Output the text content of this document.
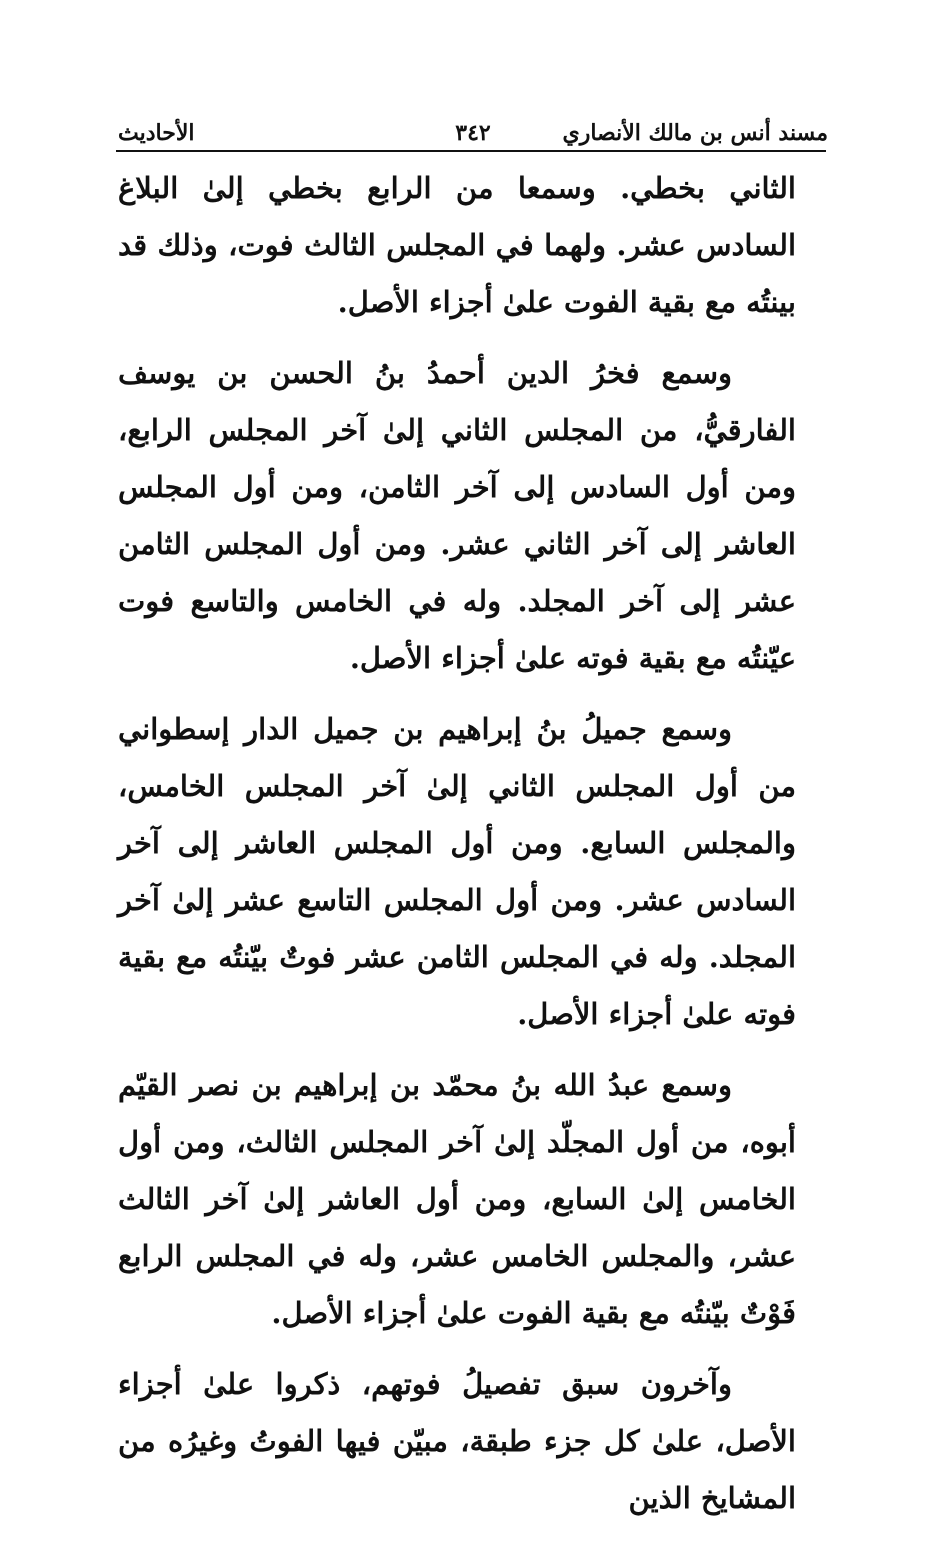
مسند أنس بن مالك الأنصاري
٣٤٢
الأحاديث

الثاني بخطي. وسمعا من الرابع بخطي إلىٰ البلاغ السادس عشر. ولهما في المجلس الثالث فوت، وذلك قد بينتُه مع بقية الفوت علىٰ أجزاء الأصل.

وسمع فخرُ الدين أحمدُ بنُ الحسن بن يوسف الفارقيُّ، من المجلس الثاني إلىٰ آخر المجلس الرابع، ومن أول السادس إلى آخر الثامن، ومن أول المجلس العاشر إلى آخر الثاني عشر. ومن أول المجلس الثامن عشر إلى آخر المجلد. وله في الخامس والتاسع فوت عيّنتُه مع بقية فوته علىٰ أجزاء الأصل.

وسمع جميلُ بنُ إبراهيم بن جميل الدار إسطواني من أول المجلس الثاني إلىٰ آخر المجلس الخامس، والمجلس السابع. ومن أول المجلس العاشر إلى آخر السادس عشر. ومن أول المجلس التاسع عشر إلىٰ آخر المجلد. وله في المجلس الثامن عشر فوتٌ بيّنتُه مع بقية فوته علىٰ أجزاء الأصل.

وسمع عبدُ الله بنُ محمّد بن إبراهيم بن نصر القيّم أبوه، من أول المجلّد إلىٰ آخر المجلس الثالث، ومن أول الخامس إلىٰ السابع، ومن أول العاشر إلىٰ آخر الثالث عشر، والمجلس الخامس عشر، وله في المجلس الرابع فَوْتٌ بيّنتُه مع بقية الفوت علىٰ أجزاء الأصل.

وآخرون سبق تفصيلُ فوتهم، ذكروا علىٰ أجزاء الأصل، علىٰ كل جزء طبقة، مبيّن فيها الفوتُ وغيرُه من المشايخ الذين
